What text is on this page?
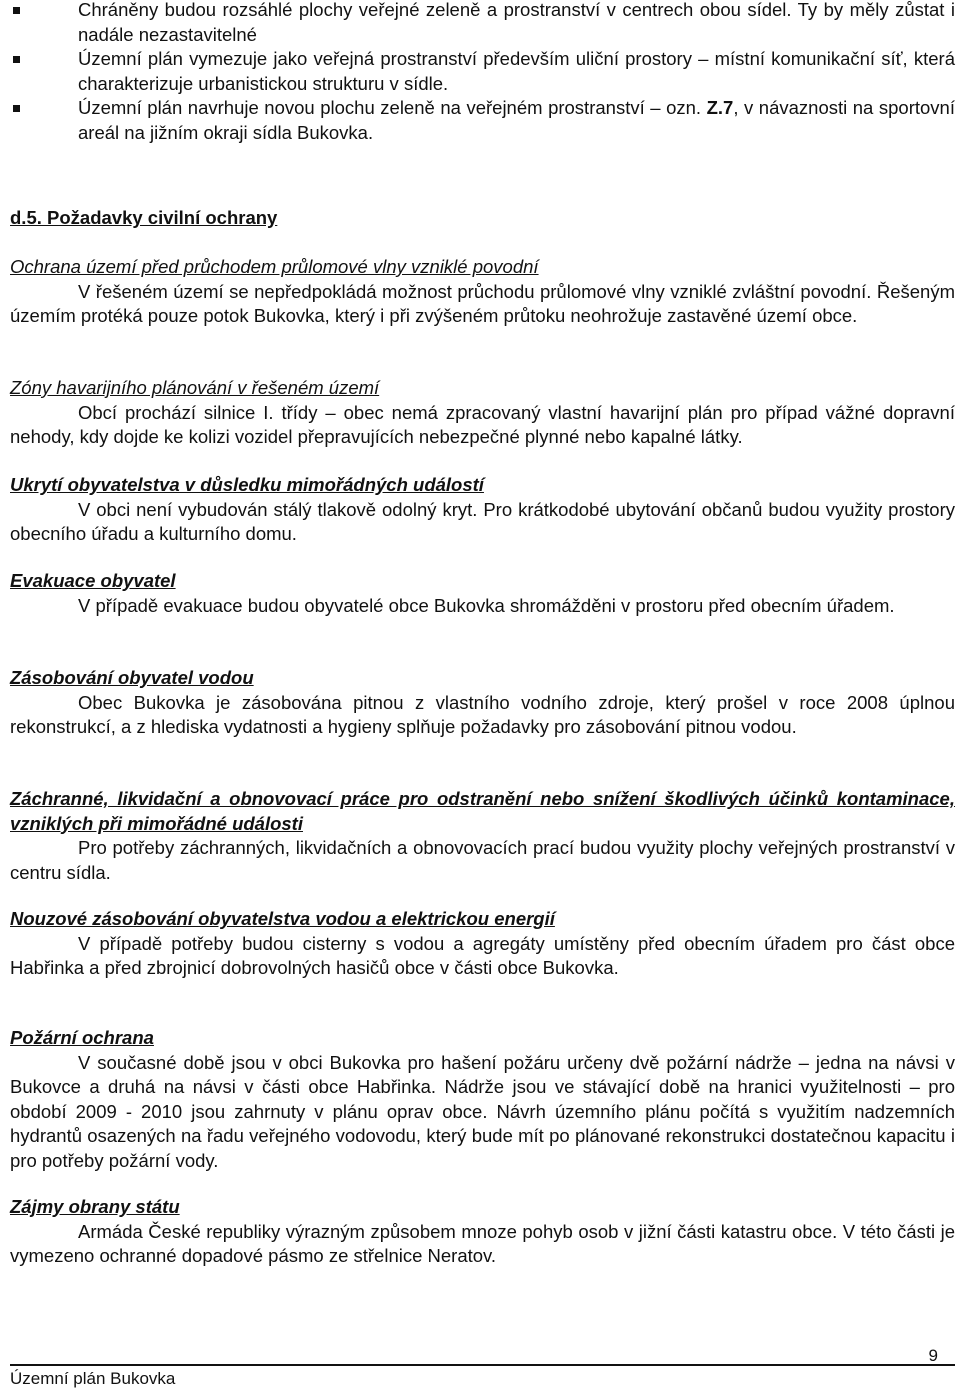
Chráněny budou rozsáhlé plochy veřejné zeleně a prostranství v centrech obou sídel. Ty by měly zůstat i nadále nezastavitelné
Územní plán vymezuje jako veřejná prostranství především uliční prostory – místní komunikační síť, která charakterizuje urbanistickou strukturu v sídle.
Územní plán navrhuje novou plochu zeleně na veřejném prostranství – ozn. Z.7, v návaznosti na sportovní areál na jižním okraji sídla Bukovka.
d.5. Požadavky civilní ochrany
Ochrana území před průchodem průlomové vlny vzniklé povodní
V řešeném území se nepředpokládá možnost průchodu průlomové vlny vzniklé zvláštní povodní. Řešeným územím protéká pouze potok Bukovka, který i při zvýšeném průtoku neohrožuje zastavěné území obce.
Zóny havarijního plánování v řešeném území
Obcí prochází silnice I. třídy – obec nemá zpracovaný vlastní havarijní plán pro případ vážné dopravní nehody, kdy dojde ke kolizi vozidel přepravujících nebezpečné plynné nebo kapalné látky.
Ukrytí obyvatelstva v důsledku mimořádných událostí
V obci není vybudován stálý tlakově odolný kryt. Pro krátkodobé ubytování občanů budou využity prostory obecního úřadu a kulturního domu.
Evakuace obyvatel
V případě evakuace budou obyvatelé obce Bukovka shromážděni v prostoru před obecním úřadem.
Zásobování obyvatel vodou
Obec Bukovka je zásobována pitnou z vlastního vodního zdroje, který prošel v roce 2008 úplnou rekonstrukcí, a z hlediska vydatnosti a hygieny splňuje požadavky pro zásobování pitnou vodou.
Záchranné, likvidační a obnovovací práce pro odstranění nebo snížení škodlivých účinků kontaminace, vzniklých při mimořádné události
Pro potřeby záchranných, likvidačních a obnovovacích prací budou využity plochy veřejných prostranství v centru sídla.
Nouzové zásobování obyvatelstva vodou a elektrickou energií
V případě potřeby budou cisterny s vodou a agregáty umístěny před obecním úřadem pro část obce Habřinka a před zbrojnicí dobrovolných hasičů obce v části obce Bukovka.
Požární ochrana
V současné době jsou v obci Bukovka pro hašení požáru určeny dvě požární nádrže – jedna na návsi v Bukovce a druhá na návsi v části obce Habřinka. Nádrže jsou ve stávající době na hranici využitelnosti – pro období 2009 - 2010 jsou zahrnuty v plánu oprav obce. Návrh územního plánu počítá s využitím nadzemních hydrantů osazených na řadu veřejného vodovodu, který bude mít po plánované rekonstrukci dostatečnou kapacitu i pro potřeby požární vody.
Zájmy obrany státu
Armáda České republiky výrazným způsobem mnoze pohyb osob v jižní části katastru obce. V této části je vymezeno ochranné dopadové pásmo ze střelnice Neratov.
9
Územní plán Bukovka
